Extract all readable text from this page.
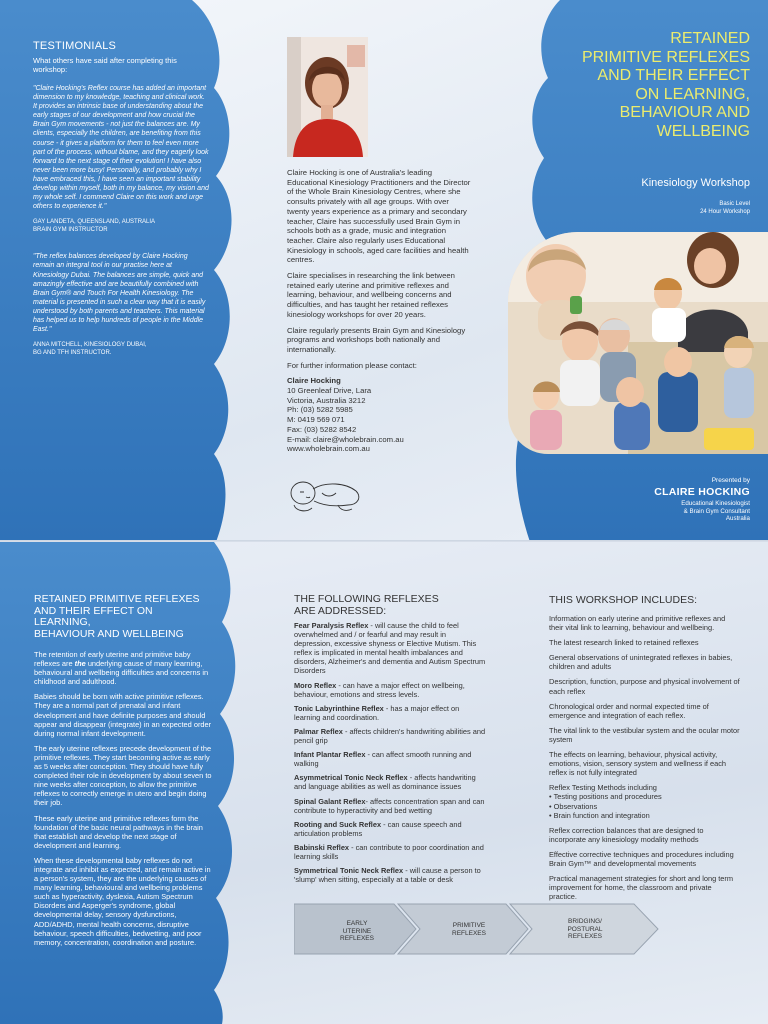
TESTIMONIALS
What others have said after completing this workshop:
"Claire Hocking's Reflex course has added an important dimension to my knowledge, teaching and clinical work. It provides an intrinsic base of understanding about the early stages of our development and how crucial the Brain Gym movements - not just the balances are. My clients, especially the children, are benefiting from this course - it gives a platform for them to feel even more part of the process, without blame, and they eagerly look forward to the next stage of their evolution! I have also never been more busy! Personally, and probably why I have embraced this, I have seen an important stability develop within myself, both in my balance, my vision and my whole self. I commend Claire on this work and urge others to experience it."
GAY LANDETA, QUEENSLAND, AUSTRALIA
BRAIN GYM INSTRUCTOR
"The reflex balances developed by Claire Hocking remain an integral tool in our practise here at Kinesiology Dubai. The balances are simple, quick and amazingly effective and are beautifully combined with Brain Gym® and Touch For Health Kinesiology. The material is presented in such a clear way that it is easily understood by both parents and teachers. This material has helped us to help hundreds of people in the Middle East."
ANNA MITCHELL, KINESIOLOGY DUBAI,
BG AND TFH INSTRUCTOR.

Claire Hocking is one of Australia's leading Educational Kinesiology Practitioners and the Director of the Whole Brain Kinesiology Centres, where she consults privately with all age groups. With over twenty years experience as a primary and secondary teacher, Claire has successfully used Brain Gym in schools both as a grade, music and integration teacher. Claire also regularly uses Educational Kinesiology in schools, aged care facilities and health centres.

Claire specialises in researching the link between retained early uterine and primitive reflexes and learning, behaviour, and wellbeing concerns and difficulties, and has taught her retained reflexes kinesiology workshops for over 20 years.

Claire regularly presents Brain Gym and Kinesiology programs and workshops both nationally and internationally.

For further information please contact:

Claire Hocking
10 Greenleaf Drive, Lara
Victoria, Australia 3212
Ph: (03) 5282 5985
M: 0419 569 071
Fax: (03) 5282 8542
E-mail: claire@wholebrain.com.au
www.wholebrain.com.au
RETAINED
PRIMITIVE REFLEXES
AND THEIR EFFECT
ON LEARNING,
BEHAVIOUR AND
WELLBEING
Kinesiology Workshop
Basic Level
24 Hour Workshop
Presented by
CLAIRE HOCKING
Educational Kinesiologist
& Brain Gym Consultant
Australia
RETAINED PRIMITIVE REFLEXES
AND THEIR EFFECT ON LEARNING,
BEHAVIOUR AND WELLBEING

The retention of early uterine and primitive baby reflexes are the underlying cause of many learning, behavioural and wellbeing difficulties and concerns in childhood and adulthood.

Babies should be born with active primitive reflexes. They are a normal part of prenatal and infant development and have definite purposes and should appear and disappear (integrate) in an expected order during normal infant development.

The early uterine reflexes precede development of the primitive reflexes. They start becoming active as early as 5 weeks after conception. They should have fully completed their role in development by about seven to nine weeks after conception, to allow the primitive reflexes to correctly emerge in utero and begin doing their job.

These early uterine and primitive reflexes form the foundation of the basic neural pathways in the brain that establish and develop the next stage of development and learning.

When these developmental baby reflexes do not integrate and inhibit as expected, and remain active in a person's system, they are the underlying causes of many learning, behavioural and wellbeing problems such as hyperactivity, dyslexia, Autism Spectrum Disorders and Asperger's syndrome, global developmental delay, sensory dysfunctions, ADD/ADHD, mental health concerns, disruptive behaviour, speech difficulties, bedwetting, and poor memory, concentration, coordination and posture.

THE FOLLOWING REFLEXES
ARE ADDRESSED:
Fear Paralysis Reflex - will cause the child to feel overwhelmed and / or fearful and may result in depression, excessive shyness or Elective Mutism. This reflex is implicated in mental health imbalances and disorders, Alzheimer's and dementia and Autism Spectrum Disorders
Moro Reflex - can have a major effect on wellbeing, behaviour, emotions and stress levels.
Tonic Labyrinthine Reflex - has a major effect on learning and coordination.
Palmar Reflex - affects children's handwriting abilities and pencil grip
Infant Plantar Reflex - can affect smooth running and walking
Asymmetrical Tonic Neck Reflex - affects handwriting and language abilities as well as dominance issues
Spinal Galant Reflex- affects concentration span and can contribute to hyperactivity and bed wetting
Rooting and Suck Reflex - can cause speech and articulation problems
Babinski Reflex - can contribute to poor coordination and learning skills
Symmetrical Tonic Neck Reflex - will cause a person to 'slump' when sitting, especially at a table or desk
EARLY
UTERINE
REFLEXES
PRIMITIVE
REFLEXES
BRIDGING/
POSTURAL
REFLEXES
THIS WORKSHOP INCLUDES:
Information on early uterine and primitive reflexes and their vital link to learning, behaviour and wellbeing.
The latest research linked to retained reflexes
General observations of unintegrated reflexes in babies, children and adults
Description, function, purpose and physical involvement of each reflex
Chronological order and normal expected time of emergence and integration of each reflex.
The vital link to the vestibular system and the ocular motor system
The effects on learning, behaviour, physical activity, emotions, vision, sensory system and wellness if each reflex is not fully integrated
Reflex Testing Methods including
• Testing positions and procedures
• Observations
• Brain function and integration
Reflex correction balances that are designed to incorporate any kinesiology modality methods
Effective corrective techniques and procedures including Brain Gym™ and developmental movements
Practical management strategies for short and long term improvement for home, the classroom and private practice.
